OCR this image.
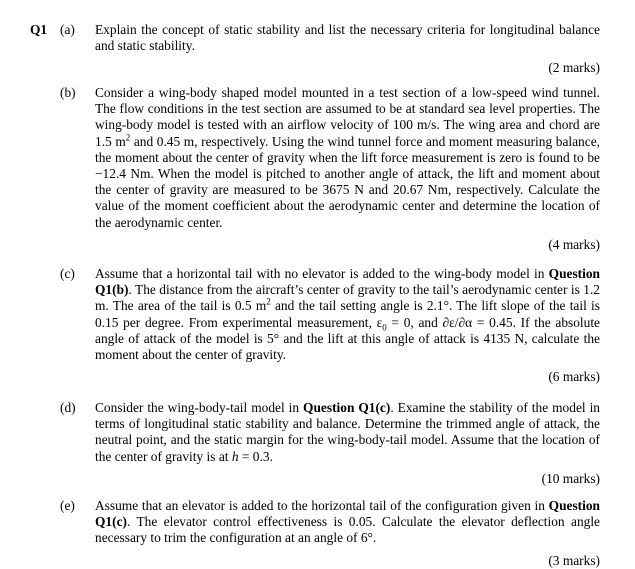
Q1 (a) Explain the concept of static stability and list the necessary criteria for longitudinal balance and static stability.
(2 marks)
(b) Consider a wing-body shaped model mounted in a test section of a low-speed wind tunnel. The flow conditions in the test section are assumed to be at standard sea level properties. The wing-body model is tested with an airflow velocity of 100 m/s. The wing area and chord are 1.5 $m^2$ and 0.45 m, respectively. Using the wind tunnel force and moment measuring balance, the moment about the center of gravity when the lift force measurement is zero is found to be −12.4 Nm. When the model is pitched to another angle of attack, the lift and moment about the center of gravity are measured to be 3675 N and 20.67 Nm, respectively. Calculate the value of the moment coefficient about the aerodynamic center and determine the location of the aerodynamic center.
(4 marks)
(c) Assume that a horizontal tail with no elevator is added to the wing-body model in Question Q1(b). The distance from the aircraft’s center of gravity to the tail’s aerodynamic center is 1.2 m. The area of the tail is 0.5 $m^2$ and the tail setting angle is 2.1°. The lift slope of the tail is 0.15 per degree. From experimental measurement, $\varepsilon_0 = 0$, and ∂ε/∂α = 0.45. If the absolute angle of attack of the model is 5° and the lift at this angle of attack is 4135 N, calculate the moment about the center of gravity.
(6 marks)
(d) Consider the wing-body-tail model in Question Q1(c). Examine the stability of the model in terms of longitudinal static stability and balance. Determine the trimmed angle of attack, the neutral point, and the static margin for the wing-body-tail model. Assume that the location of the center of gravity is at h = 0.3.
(10 marks)
(e) Assume that an elevator is added to the horizontal tail of the configuration given in Question Q1(c). The elevator control effectiveness is 0.05. Calculate the elevator deflection angle necessary to trim the configuration at an angle of 6°.
(3 marks)
